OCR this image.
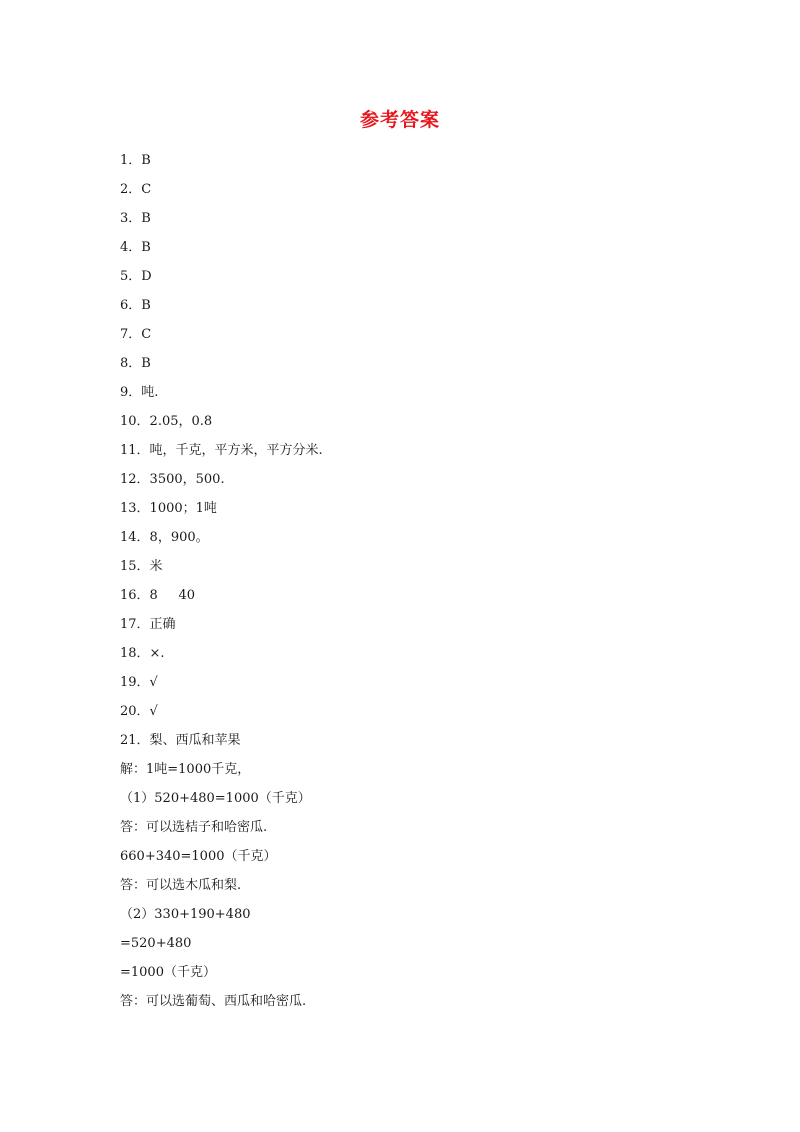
参考答案
1．B
2．C
3．B
4．B
5．D
6．B
7．C
8．B
9．吨.
10．2.05，0.8
11．吨，千克，平方米，平方分米.
12．3500，500.
13．1000；1吨
14．8，900。
15．米
16．8     40
17．正确
18．×.
19．√
20．√
21．梨、西瓜和苹果
解：1吨=1000千克，
（1）520+480=1000（千克）
答：可以选桔子和哈密瓜.
660+340=1000（千克）
答：可以选木瓜和梨.
（2）330+190+480
=520+480
=1000（千克）
答：可以选葡萄、西瓜和哈密瓜.
